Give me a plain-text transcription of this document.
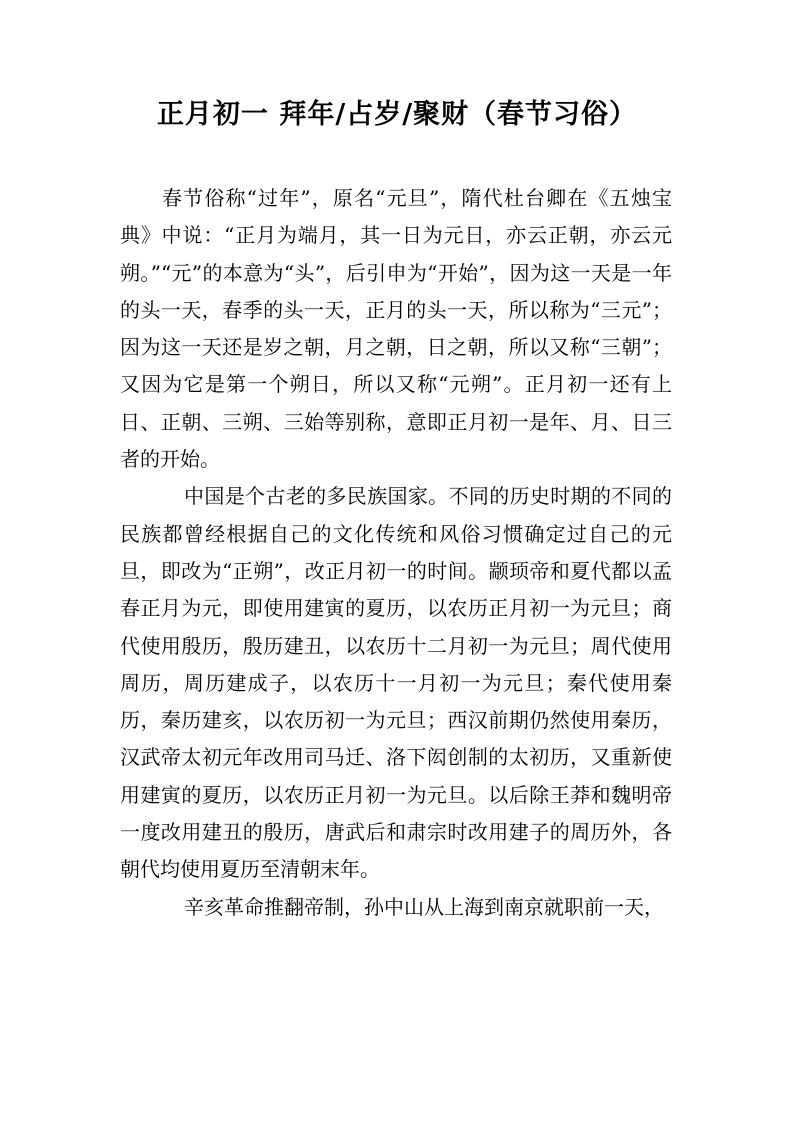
正月初一 拜年/占岁/聚财（春节习俗）

春节俗称“过年”，原名“元旦”，隋代杜台卿在《五烛宝典》中说：“正月为端月，其一日为元日，亦云正朝，亦云元朔。”“元”的本意为“头”，后引申为“开始”，因为这一天是一年的头一天，春季的头一天，正月的头一天，所以称为“三元”；因为这一天还是岁之朝，月之朝，日之朝，所以又称“三朝”；又因为它是第一个朔日，所以又称“元朔”。正月初一还有上日、正朝、三朔、三始等别称，意即正月初一是年、月、日三者的开始。

中国是个古老的多民族国家。不同的历史时期的不同的民族都曾经根据自己的文化传统和风俗习惯确定过自己的元旦，即改为“正朔”，改正月初一的时间。颛顼帝和夏代都以孟春正月为元，即使用建寅的夏历，以农历正月初一为元旦；商代使用殷历，殷历建丑，以农历十二月初一为元旦；周代使用周历，周历建成子，以农历十一月初一为元旦；秦代使用秦历，秦历建亥，以农历初一为元旦；西汉前期仍然使用秦历，汉武帝太初元年改用司马迁、洛下闳创制的太初历，又重新使用建寅的夏历，以农历正月初一为元旦。以后除王莽和魏明帝一度改用建丑的殷历，唐武后和肃宗时改用建子的周历外，各朝代均使用夏历至清朝末年。

辛亥革命推翻帝制，孙中山从上海到南京就职前一天，
